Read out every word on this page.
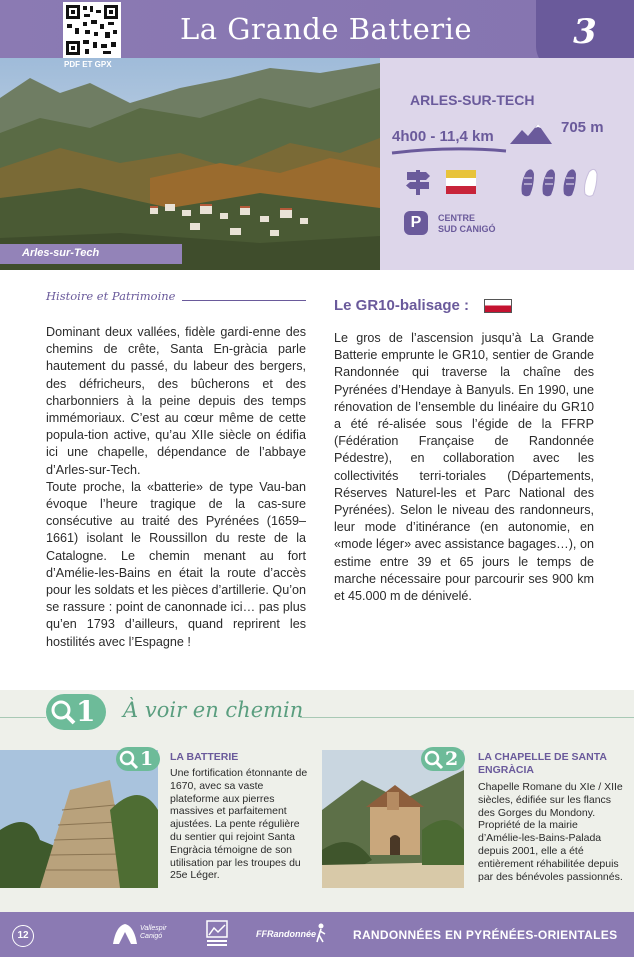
La Grande Batterie	3
PDF ET GPX
Arles-sur-Tech
ARLES-SUR-TECH
4h00 - 11,4 km
705 m
P	CENTRE
SUD CANIGÓ
Histoire et Patrimoine
Dominant deux vallées, fidèle gardi-enne des chemins de crête, Santa En-gràcia parle hautement du passé, du labeur des bergers, des défricheurs, des bûcherons et des charbonniers à la peine depuis des temps immémoriaux. C’est au cœur même de cette popula-tion active, qu’au XIIe siècle on édifia ici une chapelle, dépendance de l’abbaye d’Arles-sur-Tech.
Toute proche, la «batterie» de type Vau-ban évoque l’heure tragique de la cas-sure consécutive au traité des Pyrénées (1659–1661) isolant le Roussillon du reste de la Catalogne. Le chemin menant au fort d’Amélie-les-Bains en était la route d’accès pour les soldats et les pièces d’artillerie. Qu’on se rassure : point de canonnade ici… pas plus qu’en 1793 d’ailleurs, quand reprirent les hostilités avec l’Espagne !
Le GR10-balisage :
Le gros de l’ascension jusqu’à La Grande Batterie emprunte le GR10, sentier de Grande Randonnée qui traverse la chaîne des Pyrénées d’Hendaye à Banyuls. En 1990, une rénovation de l’ensemble du linéaire du GR10 a été ré-alisée sous l’égide de la FFRP (Fédération Française de Randonnée Pédestre), en collaboration avec les collectivités terri-toriales (Départements, Réserves Naturel-les et Parc National des Pyrénées). Selon le niveau des randonneurs, leur mode d’itinérance (en autonomie, en «mode léger» avec assistance bagages…), on estime entre 39 et 65 jours le temps de marche nécessaire pour parcourir ses 900 km et 45.000 m de dénivelé.
1 À voir en chemin
1 LA BATTERIE
Une fortification étonnante de 1670, avec sa vaste plateforme aux pierres massives et parfaitement ajustées. La pente régulière du sentier qui rejoint Santa Engràcia témoigne de son utilisation par les troupes du 25e Léger.
2 LA CHAPELLE DE SANTA ENGRÀCIA
Chapelle Romane du XIe / XIIe siècles, édifiée sur les flancs des Gorges du Mondony. Propriété de la mairie d’Amélie-les-Bains-Palada depuis 2001, elle a été entièrement réhabilitée depuis par des bénévoles passionnés.
12
Vallespir Canigó	FFRandonnée	RANDONNÉES EN PYRÉNÉES-ORIENTALES
